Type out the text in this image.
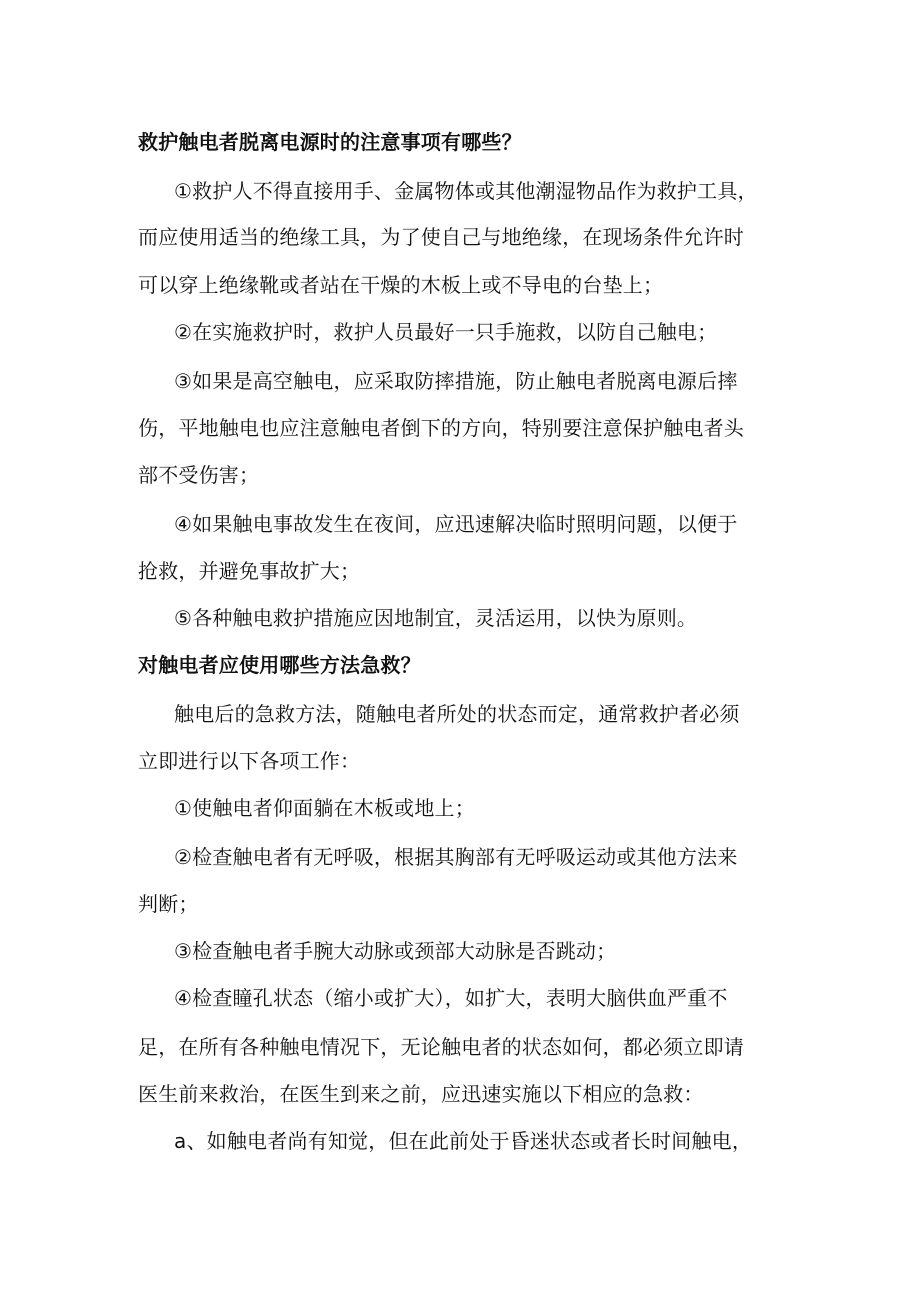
救护触电者脱离电源时的注意事项有哪些？
①救护人不得直接用手、金属物体或其他潮湿物品作为救护工具，
而应使用适当的绝缘工具，为了使自己与地绝缘，在现场条件允许时
可以穿上绝缘靴或者站在干燥的木板上或不导电的台垫上；
②在实施救护时，救护人员最好一只手施救，以防自己触电；
③如果是高空触电，应采取防摔措施，防止触电者脱离电源后摔
伤，平地触电也应注意触电者倒下的方向，特别要注意保护触电者头
部不受伤害；
④如果触电事故发生在夜间，应迅速解决临时照明问题，以便于
抢救，并避免事故扩大；
⑤各种触电救护措施应因地制宜，灵活运用，以快为原则。
对触电者应使用哪些方法急救？
触电后的急救方法，随触电者所处的状态而定，通常救护者必须
立即进行以下各项工作：
①使触电者仰面躺在木板或地上；
②检查触电者有无呼吸，根据其胸部有无呼吸运动或其他方法来
判断；
③检查触电者手腕大动脉或颈部大动脉是否跳动；
④检查瞳孔状态（缩小或扩大），如扩大，表明大脑供血严重不
足，在所有各种触电情况下，无论触电者的状态如何，都必须立即请
医生前来救治，在医生到来之前，应迅速实施以下相应的急救：
a、如触电者尚有知觉，但在此前处于昏迷状态或者长时间触电，
